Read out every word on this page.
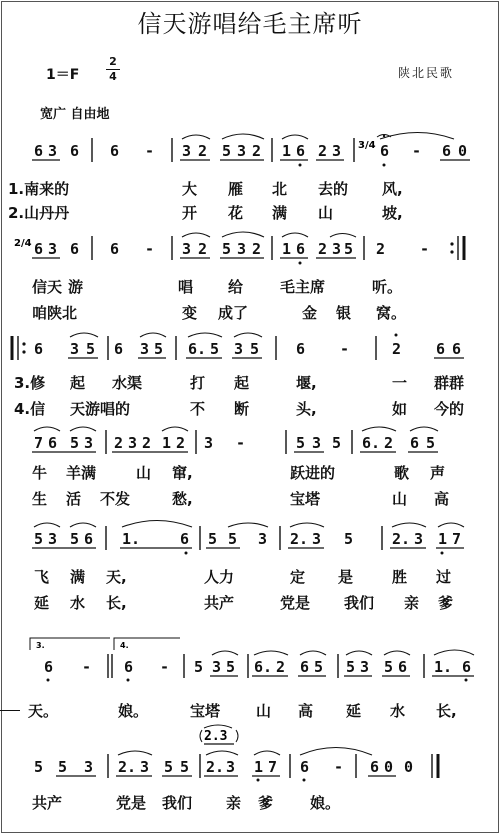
信天游唱给毛主席听
1＝F
2
4	陕北民歌
宽广 自由地
6 3 6 6 - 3 2 5 3 2 1 6 2 3 3/4 6 - 6 0
1.南来的	大 雁 北 去的 风,
2.山丹丹	开 花 满 山	坡,
2/4 6 3 6 6 - 3 2 5 3 2 1 6 2 3 5 2 -
信天 游	唱 给 毛主席	听。
咱陕北	变 成了	金 银 窝。
6 3 5 6 3 5 6. 5 3 5 6 -	2 6 6
3.修 起 水渠	打 起	堰,	一 群群
4.信 天游唱的	不 断	头,	如 今的
7 6 5 3 2 3 2 1 2 3 -	5 3 5 6. 2 6 5
牛 羊满	山 窜,	跃进的	歌 声
生 活 不发	愁,	宝塔	山 高
5 3 5 6 1.	6 5 5 3 2. 3 5	2. 3 1 7
飞 满 天,	人力	定 是	胜 过
延 水 长,	共产	党是 我们 亲 爹
3.	4.
6 - 6 - 5 3 5 6. 2 6 5 5 3 5 6 1. 6
天。	娘。	宝塔 山 高 延 水 长,
2.3
5 5 3 2. 3 5 5 2. 3 1 7 6 - 6 0 0
共产	党是 我们 亲 爹 娘。
